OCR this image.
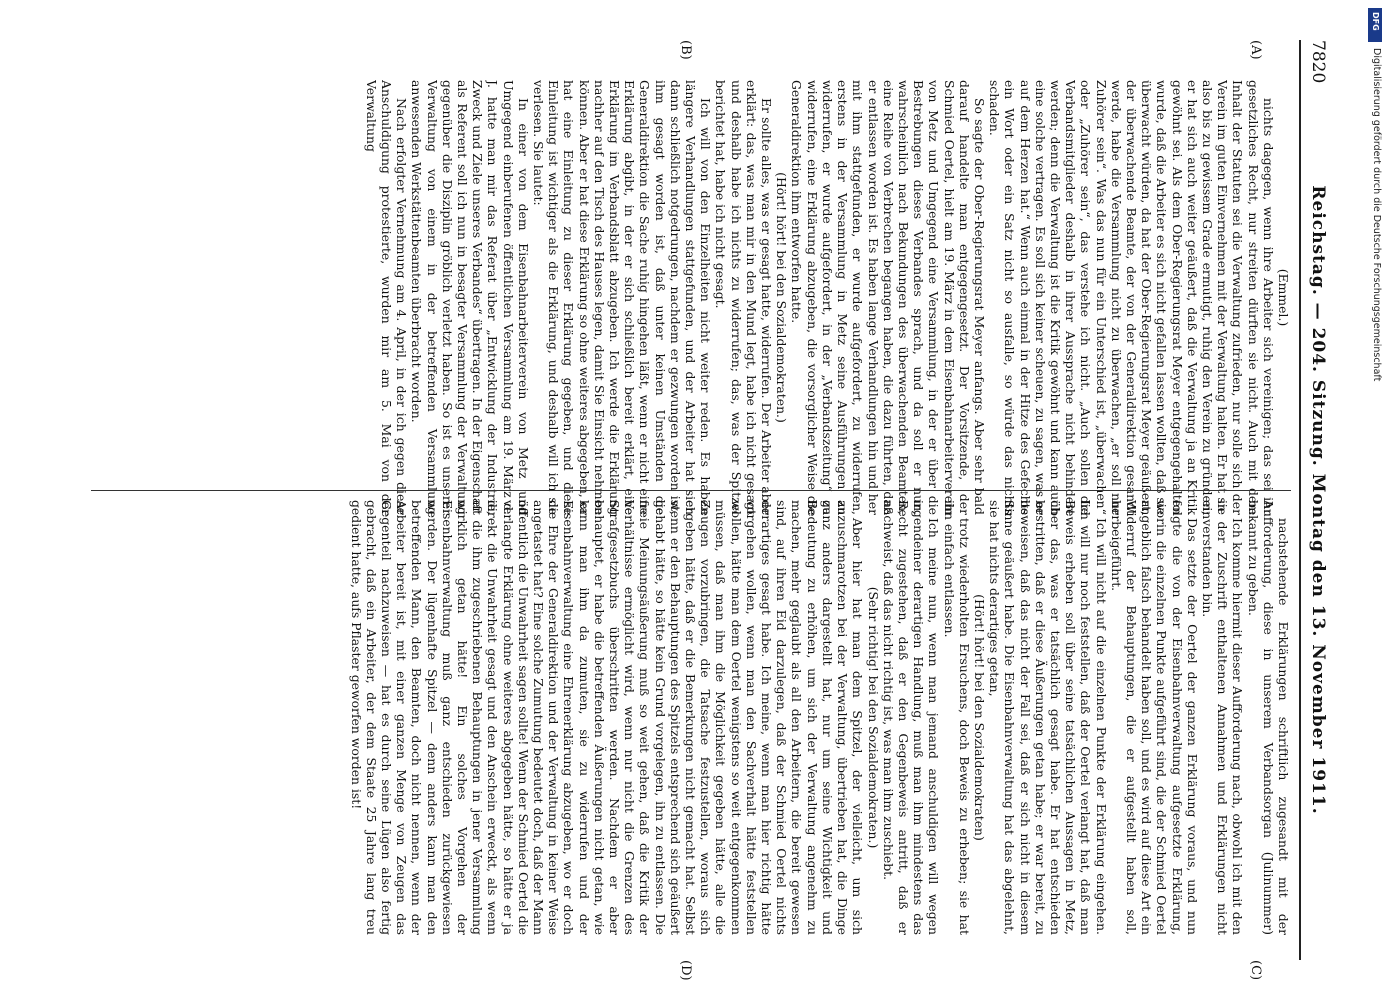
7820
Reichstag. — 204. Sitzung. Montag den 13. November 1911.
(A)
(B)
(C)
(D)

(Emmel.)

nichts dagegen, wenn ihre Arbeiter sich vereinigen; das sei ihr gesetzliches Recht, nur streiten dürften sie nicht. Auch mit dem Inhalt der Statuten sei die Verwaltung zufrieden, nur solle sich der Verein im guten Einvernehmen mit der Verwaltung halten. Er hat sie also bis zu gewissem Grade ermutigt, ruhig den Verein zu gründen; er hat sich auch weiter geäußert, daß die Verwaltung ja an Kritik gewöhnt sei. Als dem Ober-Regierungsrat Meyer entgegengehalten wurde, daß die Arbeiter es sich nicht gefallen lassen wollten, daß sie überwacht würden, da hat der Ober-Regierungsrat Meyer geäußert, der überwachende Beamte, der von der Generaldirektion gesandt werde, habe die Versammlung nicht zu überwachen, „er soll nur Zuhörer sein“. Was das nun für ein Unterschied ist, „überwachen“ oder „Zuhörer sein“, das verstehe ich nicht. „Auch sollen die Verbandsmitglieder deshalb in ihrer Aussprache nicht behindert werden; denn die Verwaltung ist die Kritik gewöhnt und kann auch eine solche vertragen. Es soll sich keiner scheuen, zu sagen, was er auf dem Herzen hat.“ Wenn auch einmal in der Hitze des Gefechts ein Wort oder ein Satz nicht so ausfalle, so würde das nichts schaden.

So sagte der Ober-Regierungsrat Meyer anfangs. Aber sehr bald darauf handelte man entgegengesetzt. Der Vorsitzende, der Schmied Oertel, hielt am 19. März in dem Eisenbahnarbeiterverein von Metz und Umgegend eine Versammlung, in der er über die Bestrebungen dieses Verbandes sprach, und da soll er nun, wahrscheinlich nach Bekundungen des überwachenden Beamten, eine Reihe von Verbrechen begangen haben, die dazu führten, daß er entlassen worden ist. Es haben lange Verhandlungen hin und her mit ihm stattgefunden, er wurde aufgefordert, zu widerrufen, erstens in der Versammlung in Metz seine Ausführungen zu widerrufen, er wurde aufgefordert, in der „Verbandszeitung“ zu widerrufen, eine Erklärung abzugeben, die vorsorglicher Weise die Generaldirektion ihm entworfen hatte.

(Hört! hört! bei den Sozialdemokraten.)

Er sollte alles, was er gesagt hatte, widerrufen. Der Arbeiter aber erklärt: das, was man mir in den Mund legt, habe ich nicht gesagt und deshalb habe ich nichts zu widerrufen; das, was der Spitzel berichtet hat, habe ich nicht gesagt.

Ich will von den Einzelheiten nicht weiter reden. Es haben längere Verhandlungen stattgefunden, und der Arbeiter hat sich dann schließlich notgedrungen, nachdem er gezwungen worden ist, ihm gesagt worden ist, daß unter keinen Umständen die Generaldirektion die Sache ruhig hingehen läßt, wenn er nicht eine Erklärung abgibt, in der er sich schließlich bereit erklärt, eine Erklärung im Verbandsblatt abzugeben. Ich werde die Erklärung nachher auf den Tisch des Hauses legen, damit Sie Einsicht nehmen können. Aber er hat diese Erklärung so ohne weiteres abgegeben, er hat eine Einleitung zu dieser Erklärung gegeben, und diese Einleitung ist wichtiger als die Erklärung, und deshalb will ich sie verlesen. Sie lautet:

In einer von dem Eisenbahnarbeiterverein von Metz und Umgegend einberufenen öffentlichen Versammlung am 19. März d. J. hatte man mir das Referat über „Entwicklung der Industrie, Zweck und Ziele unseres Verbandes“ übertragen. In der Eigenschaft als Referent soll ich nun in besagter Versammlung der Verwaltung gegenüber die Disziplin gröblich verletzt haben. So ist es unserer Verwaltung von einem in der betreffenden Versammlung anwesenden Werkstättenbeamten überbracht worden.

Nach erfolgter Vernehmung am 4. April, in der ich gegen diese Anschuldigung protestierte, wurden mir am 5. Mai von der Verwaltung

nachstehende Erklärungen schriftlich zugesandt mit der Aufforderung, diese in unserem Verbandsorgan (Julinummer) bekannt zu geben.

Ich komme hiermit dieser Aufforderung nach, obwohl ich mit den in der Zuschrift enthaltenen Annahmen und Erklärungen nicht einverstanden bin.

Das setzte der Oertel der ganzen Erklärung voraus, und nun folgte die von der Eisenbahnverwaltung aufgesetzte Erklärung, worin die einzelnen Punkte aufgeführt sind, die der Schmied Oertel angeblich falsch behandelt haben soll, und es wird auf diese Art ein Widerruf der Behauptungen, die er aufgestellt haben soll, herbeigeführt.

Ich will nicht auf die einzelnen Punkte der Erklärung eingehen. Ich will nur noch feststellen, daß der Oertel verlangt hat, daß man Beweis erheben soll über seine tatsächlichen Aussagen in Metz, über das, was er tatsächlich gesagt habe. Er hat entschieden bestritten, daß er diese Äußerungen getan habe; er war bereit, zu beweisen, daß das nicht der Fall sei, daß er sich nicht in diesem Sinne geäußert habe. Die Eisenbahnverwaltung hat das abgelehnt, sie hat nichts derartiges getan,

(Hört! hört! bei den Sozialdemokraten)

trotz wiederholten Ersuchens, doch Beweis zu erheben; sie hat ihn einfach entlassen.

Ich meine nun, wenn man jemand anschuldigen will wegen irgendeiner derartigen Handlung, muß man ihm mindestens das Recht zugestehen, daß er den Gegenbeweis antritt, daß er nachweist, daß das nicht richtig ist, was man ihm zuschiebt.

(Sehr richtig! bei den Sozialdemokraten.)

Aber hier hat man dem Spitzel, der vielleicht, um sich anzuschmarotzen bei der Verwaltung, übertrieben hat, die Dinge ganz anders dargestellt hat, nur um seine Wichtigkeit und Bedeutung zu erhöhen, um sich der Verwaltung angenehm zu machen, mehr geglaubt als all den Arbeitern, die bereit gewesen sind, auf ihren Eid darzulegen, daß der Schmied Oertel nichts derartiges gesagt habe. Ich meine, wenn man hier richtig hätte vorgehen wollen, wenn man den Sachverhalt hätte feststellen wollen, hätte man dem Oertel wenigstens so weit entgegenkommen müssen, daß man ihm die Möglichkeit gegeben hätte, alle die Zeugen vorzubringen, die Tatsache festzustellen, woraus sich ergeben hätte, daß er die Bemerkungen nicht gemacht hat. Selbst wenn er den Behauptungen des Spitzels entsprechend sich geäußert gehabt hätte, so hätte kein Grund vorgelegen, ihn zu entlassen. Die freie Meinungsäußerung muß so weit gehen, daß die Kritik der Verhältnisse ermöglicht wird, wenn nur nicht die Grenzen des Strafgesetzbuchs überschritten werden. Nachdem er aber behauptet, er habe die betreffenden Äußerungen nicht getan, wie kann man ihm da zumuten, sie zu widerrufen und der Eisenbahnverwaltung eine Ehrenerklärung abzugeben, wo er doch die Ehre der Generaldirektion und der Verwaltung in keiner Weise angetastet hat? Eine solche Zumutung bedeutet doch, daß der Mann öffentlich die Unwahrheit sagen sollte! Wenn der Schmied Oertel die verlangte Erklärung ohne weiteres abgegeben hätte, so hätte er ja direkt die Unwahrheit gesagt und den Anschein erweckt, als wenn er die ihm zugeschriebenen Behauptungen in jener Versammlung wirklich getan hätte! Ein solches Vorgehen der Eisenbahnverwaltung muß ganz entschieden zurückgewiesen werden. Der lügenhafte Spitzel — denn anders kann man den betreffenden Mann, den Beamten, doch nicht nennen, wenn der Arbeiter bereit ist, mit einer ganzen Menge von Zeugen das Gegenteil nachzuweisen — hat es durch seine Lügen also fertig gebracht, daß ein Arbeiter, der dem Staate 25 Jahre lang treu gedient hatte, aufs Pflaster geworfen worden ist!

DFG
Digitalisierung gefördert durch die Deutsche Forschungsgemeinschaft
